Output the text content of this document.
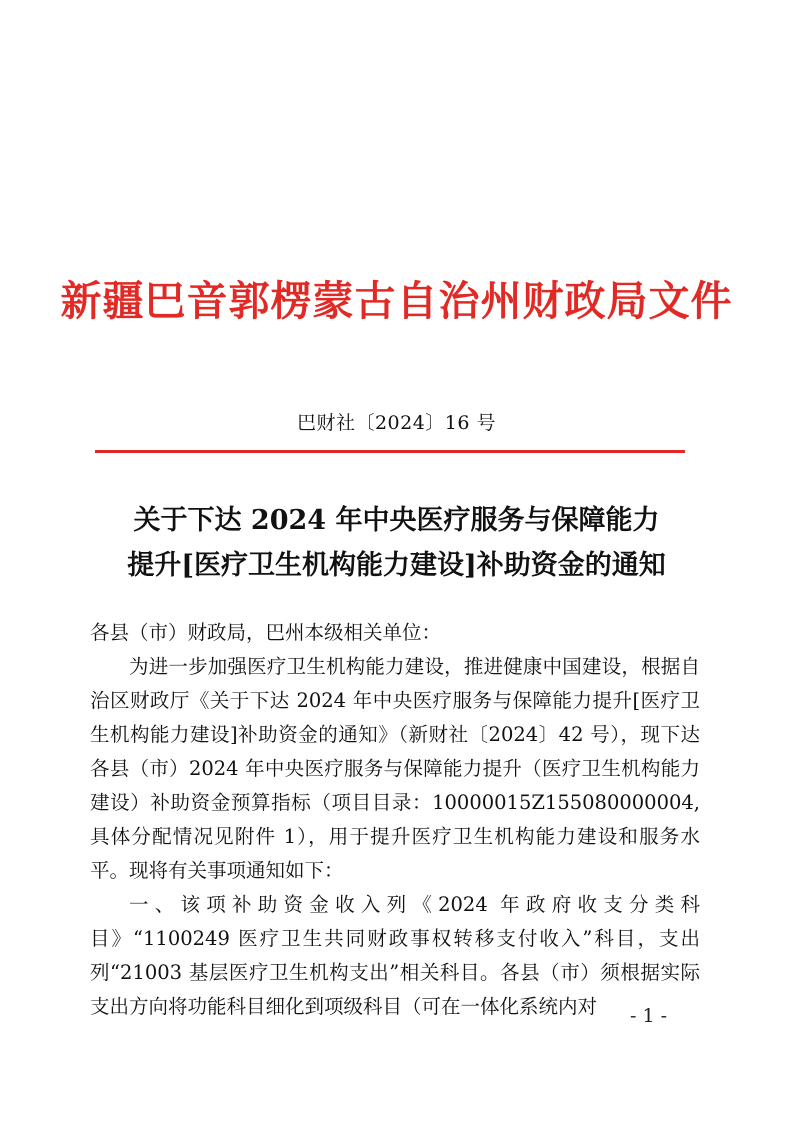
新疆巴音郭楞蒙古自治州财政局文件
巴财社〔2024〕16 号
关于下达 2024 年中央医疗服务与保障能力
提升[医疗卫生机构能力建设]补助资金的通知

各县（市）财政局，巴州本级相关单位：

为进一步加强医疗卫生机构能力建设，推进健康中国建设，根据自治区财政厅《关于下达 2024 年中央医疗服务与保障能力提升[医疗卫生机构能力建设]补助资金的通知》（新财社〔2024〕42 号），现下达各县（市）2024 年中央医疗服务与保障能力提升（医疗卫生机构能力建设）补助资金预算指标（项目目录：10000015Z155080000004,具体分配情况见附件 1），用于提升医疗卫生机构能力建设和服务水平。现将有关事项通知如下：

一、该项补助资金收入列《2024 年政府收支分类科目》“1100249 医疗卫生共同财政事权转移支付收入”科目，支出列“21003 基层医疗卫生机构支出”相关科目。各县（市）须根据实际支出方向将功能科目细化到项级科目（可在一体化系统内对	- 1 -
